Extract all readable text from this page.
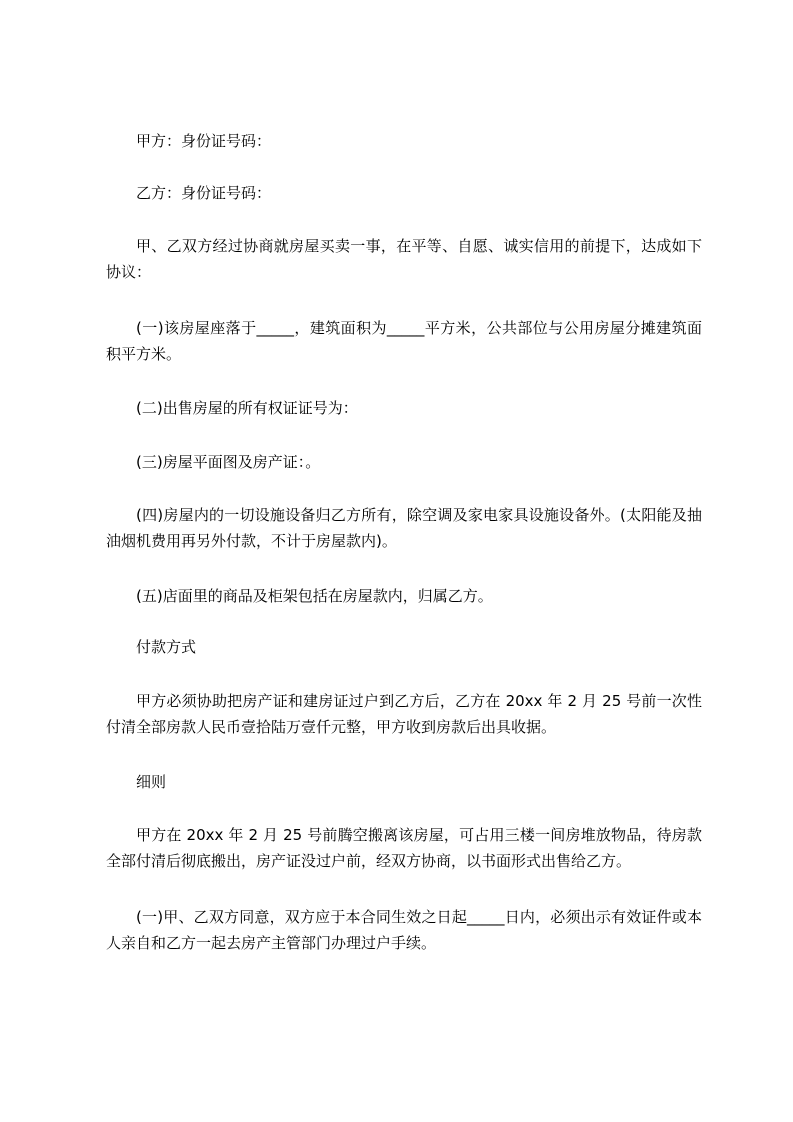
甲方：身份证号码：

乙方：身份证号码：

甲、乙双方经过协商就房屋买卖一事，在平等、自愿、诚实信用的前提下，达成如下协议：

(一)该房屋座落于_____，建筑面积为_____平方米，公共部位与公用房屋分摊建筑面积平方米。

(二)出售房屋的所有权证证号为：

(三)房屋平面图及房产证：。

(四)房屋内的一切设施设备归乙方所有，除空调及家电家具设施设备外。(太阳能及抽油烟机费用再另外付款，不计于房屋款内)。

(五)店面里的商品及柜架包括在房屋款内，归属乙方。

付款方式

甲方必须协助把房产证和建房证过户到乙方后，乙方在 20xx 年 2 月 25 号前一次性付清全部房款人民币壹拾陆万壹仟元整，甲方收到房款后出具收据。

细则

甲方在 20xx 年 2 月 25 号前腾空搬离该房屋，可占用三楼一间房堆放物品，待房款全部付清后彻底搬出，房产证没过户前，经双方协商，以书面形式出售给乙方。

(一)甲、乙双方同意，双方应于本合同生效之日起_____日内，必须出示有效证件或本人亲自和乙方一起去房产主管部门办理过户手续。
